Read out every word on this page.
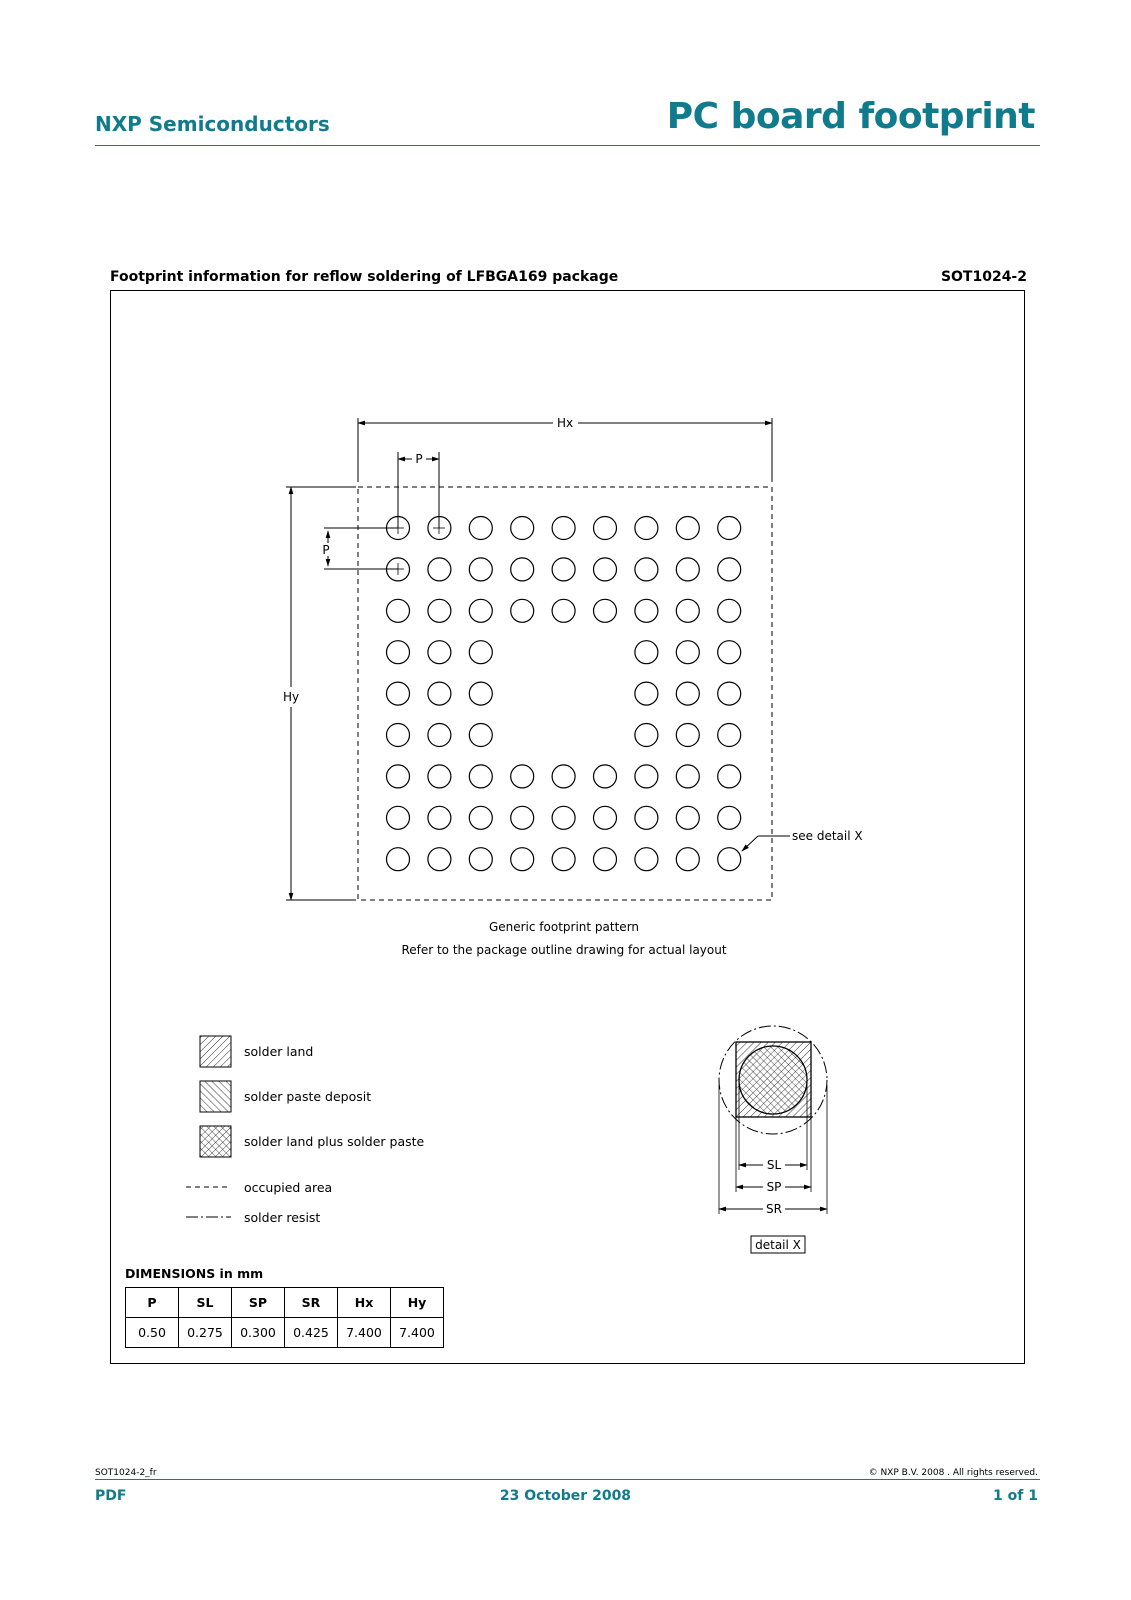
NXP Semiconductors	PC board footprint
Footprint information for reflow soldering of LFBGA169 package	SOT1024-2
Hx
P
P
Hy
see detail X
Generic footprint pattern
Refer to the package outline drawing for actual layout
SL
SP
SR
detail X
solder land
solder paste deposit
solder land plus solder paste
occupied area
solder resist
DIMENSIONS in mm
P	SL	SP	SR	Hx	Hy
0.50	0.275	0.300	0.425	7.400	7.400
SOT1024-2_fr	© NXP B.V. 2008 . All rights reserved.
PDF	23 October 2008	1 of 1
